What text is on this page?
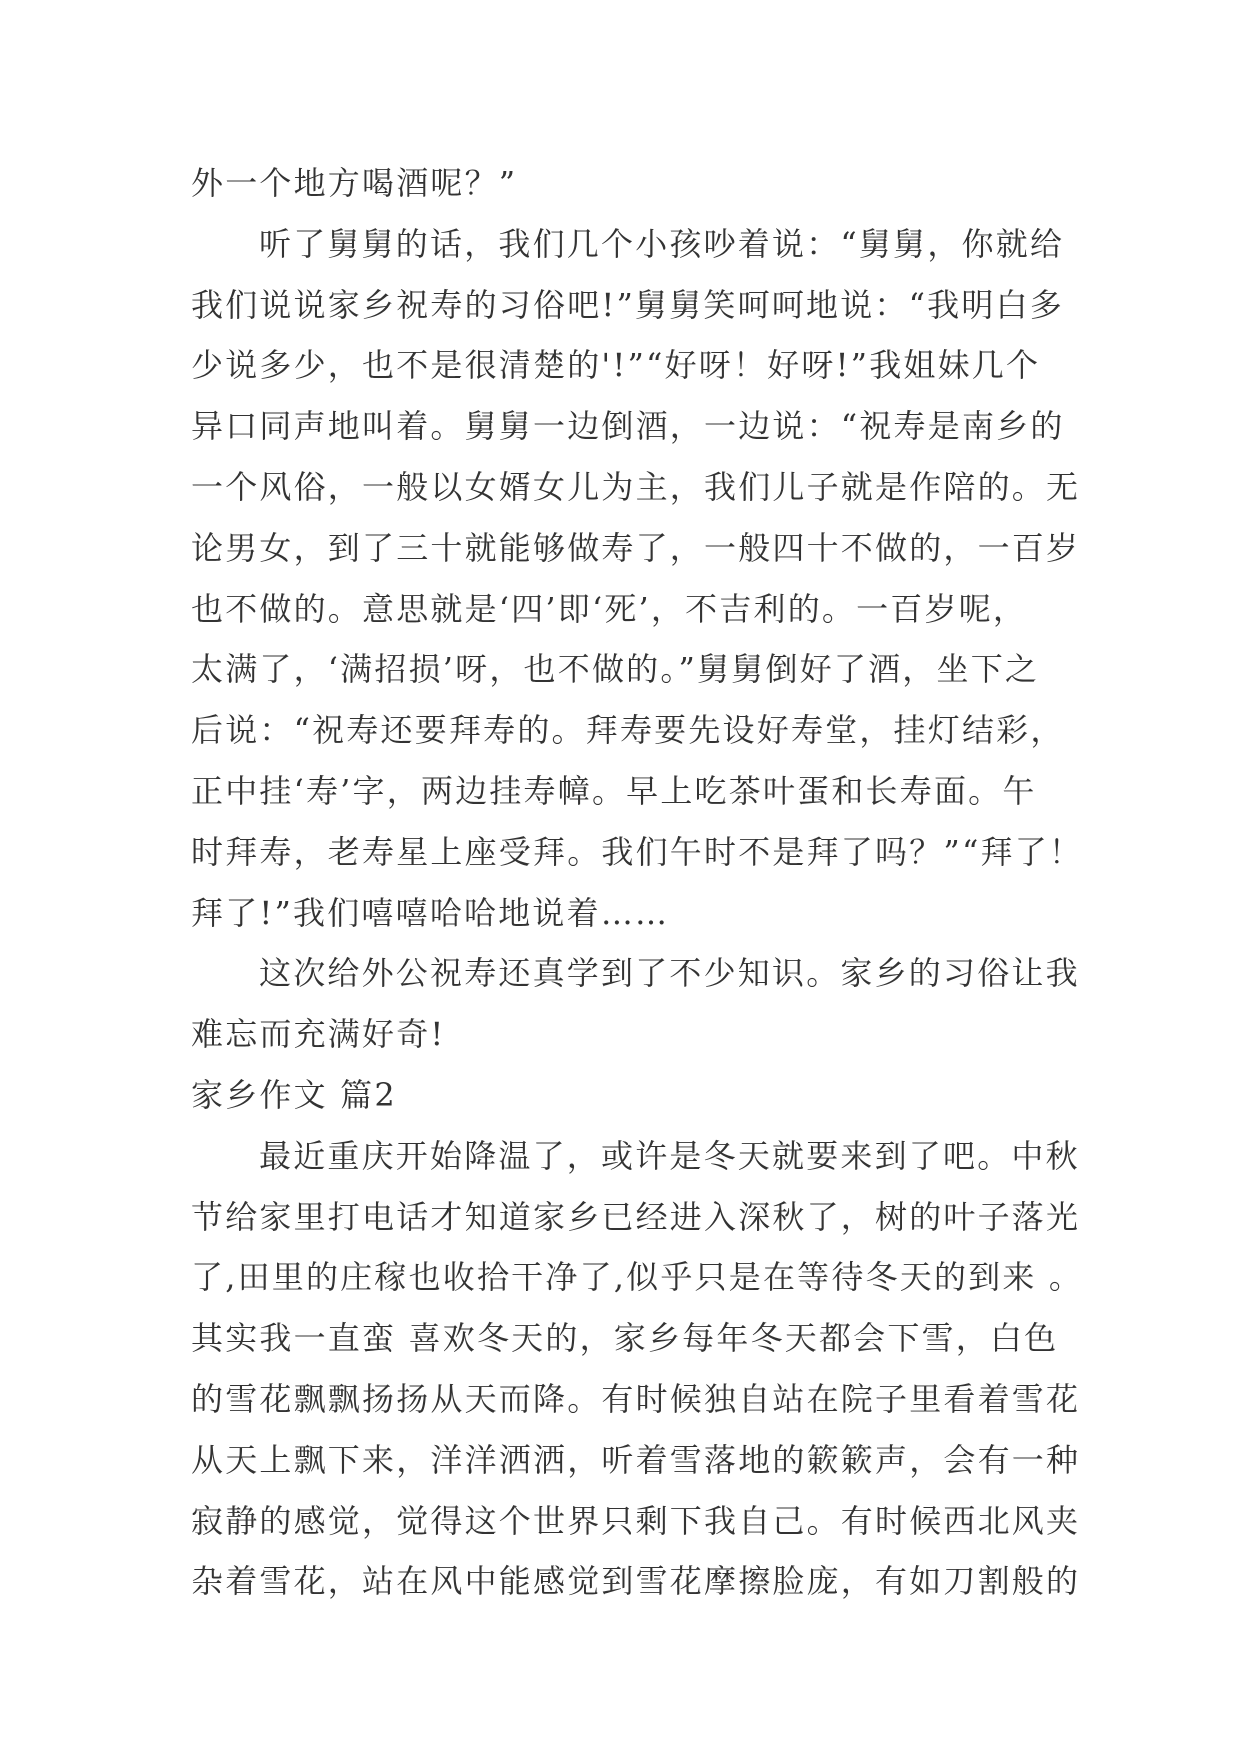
外一个地方喝酒呢？”
听了舅舅的话，我们几个小孩吵着说：“舅舅，你就给
我们说说家乡祝寿的习俗吧!”舅舅笑呵呵地说：“我明白多
少说多少，也不是很清楚的'!”“好呀！好呀!”我姐妹几个
异口同声地叫着。舅舅一边倒酒，一边说：“祝寿是南乡的
一个风俗，一般以女婿女儿为主，我们儿子就是作陪的。无
论男女，到了三十就能够做寿了，一般四十不做的，一百岁
也不做的。意思就是‘四’即‘死’，不吉利的。一百岁呢，
太满了，‘满招损’呀，也不做的。”舅舅倒好了酒，坐下之
后说：“祝寿还要拜寿的。拜寿要先设好寿堂，挂灯结彩，
正中挂‘寿’字，两边挂寿幛。早上吃茶叶蛋和长寿面。午
时拜寿，老寿星上座受拜。我们午时不是拜了吗？”“拜了！
拜了!”我们嘻嘻哈哈地说着……
这次给外公祝寿还真学到了不少知识。家乡的习俗让我
难忘而充满好奇!
家乡作文 篇2
最近重庆开始降温了，或许是冬天就要来到了吧。中秋
节给家里打电话才知道家乡已经进入深秋了，树的叶子落光
了,田里的庄稼也收拾干净了,似乎只是在等待冬天的到来 。
其实我一直蛮 喜欢冬天的，家乡每年冬天都会下雪，白色
的雪花飘飘扬扬从天而降。有时候独自站在院子里看着雪花
从天上飘下来，洋洋洒洒，听着雪落地的簌簌声，会有一种
寂静的感觉，觉得这个世界只剩下我自己。有时候西北风夹
杂着雪花，站在风中能感觉到雪花摩擦脸庞，有如刀割般的
